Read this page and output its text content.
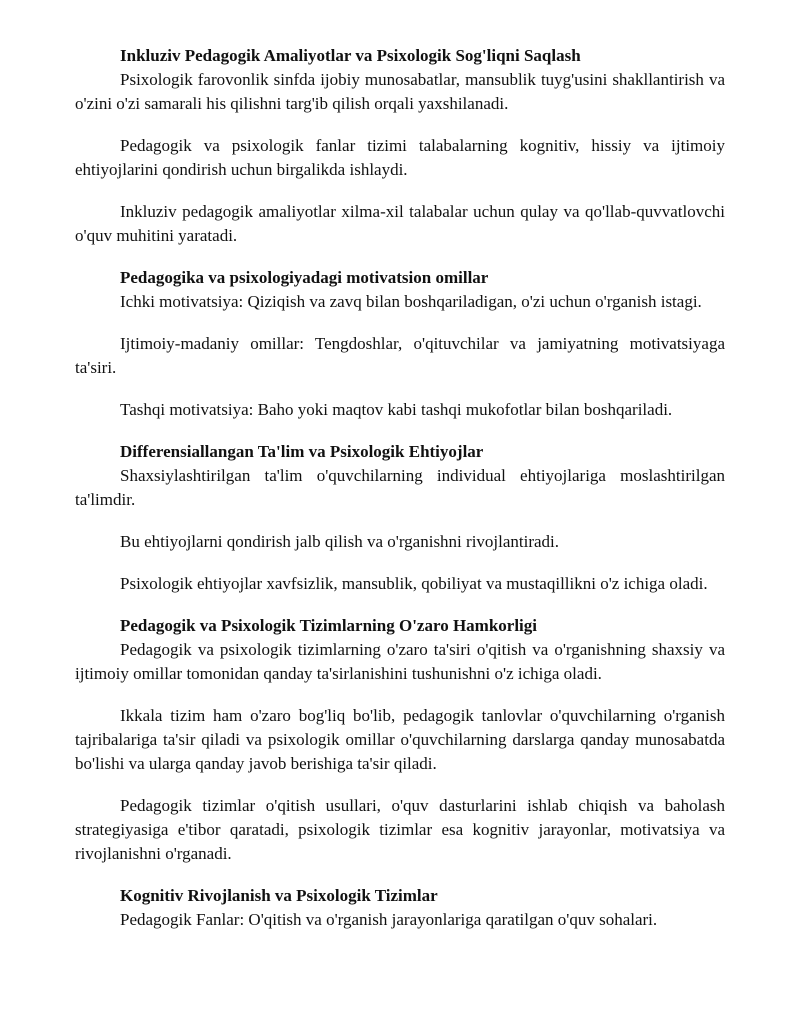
Inkluziv Pedagogik Amaliyotlar va Psixologik Sog'liqni Saqlash

Psixologik farovonlik sinfda ijobiy munosabatlar, mansublik tuyg'usini shakllantirish va o'zini o'zi samarali his qilishni targ'ib qilish orqali yaxshilanadi.

Pedagogik va psixologik fanlar tizimi talabalarning kognitiv, hissiy va ijtimoiy ehtiyojlarini qondirish uchun birgalikda ishlaydi.

Inkluziv pedagogik amaliyotlar xilma-xil talabalar uchun qulay va qo'llab-quvvatlovchi o'quv muhitini yaratadi.

Pedagogika va psixologiyadagi motivatsion omillar

Ichki motivatsiya: Qiziqish va zavq bilan boshqariladigan, o'zi uchun o'rganish istagi.

Ijtimoiy-madaniy omillar: Tengdoshlar, o'qituvchilar va jamiyatning motivatsiyaga ta'siri.

Tashqi motivatsiya: Baho yoki maqtov kabi tashqi mukofotlar bilan boshqariladi.

Differensiallangan Ta'lim va Psixologik Ehtiyojlar

Shaxsiylashtirilgan ta'lim o'quvchilarning individual ehtiyojlariga moslashtirilgan ta'limdir.

Bu ehtiyojlarni qondirish jalb qilish va o'rganishni rivojlantiradi.

Psixologik ehtiyojlar xavfsizlik, mansublik, qobiliyat va mustaqillikni o'z ichiga oladi.

Pedagogik va Psixologik Tizimlarning O'zaro Hamkorligi

Pedagogik va psixologik tizimlarning o'zaro ta'siri o'qitish va o'rganishning shaxsiy va ijtimoiy omillar tomonidan qanday ta'sirlanishini tushunishni o'z ichiga oladi.

Ikkala tizim ham o'zaro bog'liq bo'lib, pedagogik tanlovlar o'quvchilarning o'rganish tajribalariga ta'sir qiladi va psixologik omillar o'quvchilarning darslarga qanday munosabatda bo'lishi va ularga qanday javob berishiga ta'sir qiladi.

Pedagogik tizimlar o'qitish usullari, o'quv dasturlarini ishlab chiqish va baholash strategiyasiga e'tibor qaratadi, psixologik tizimlar esa kognitiv jarayonlar, motivatsiya va rivojlanishni o'rganadi.

Kognitiv Rivojlanish va Psixologik Tizimlar

Pedagogik Fanlar: O'qitish va o'rganish jarayonlariga qaratilgan o'quv sohalari.
